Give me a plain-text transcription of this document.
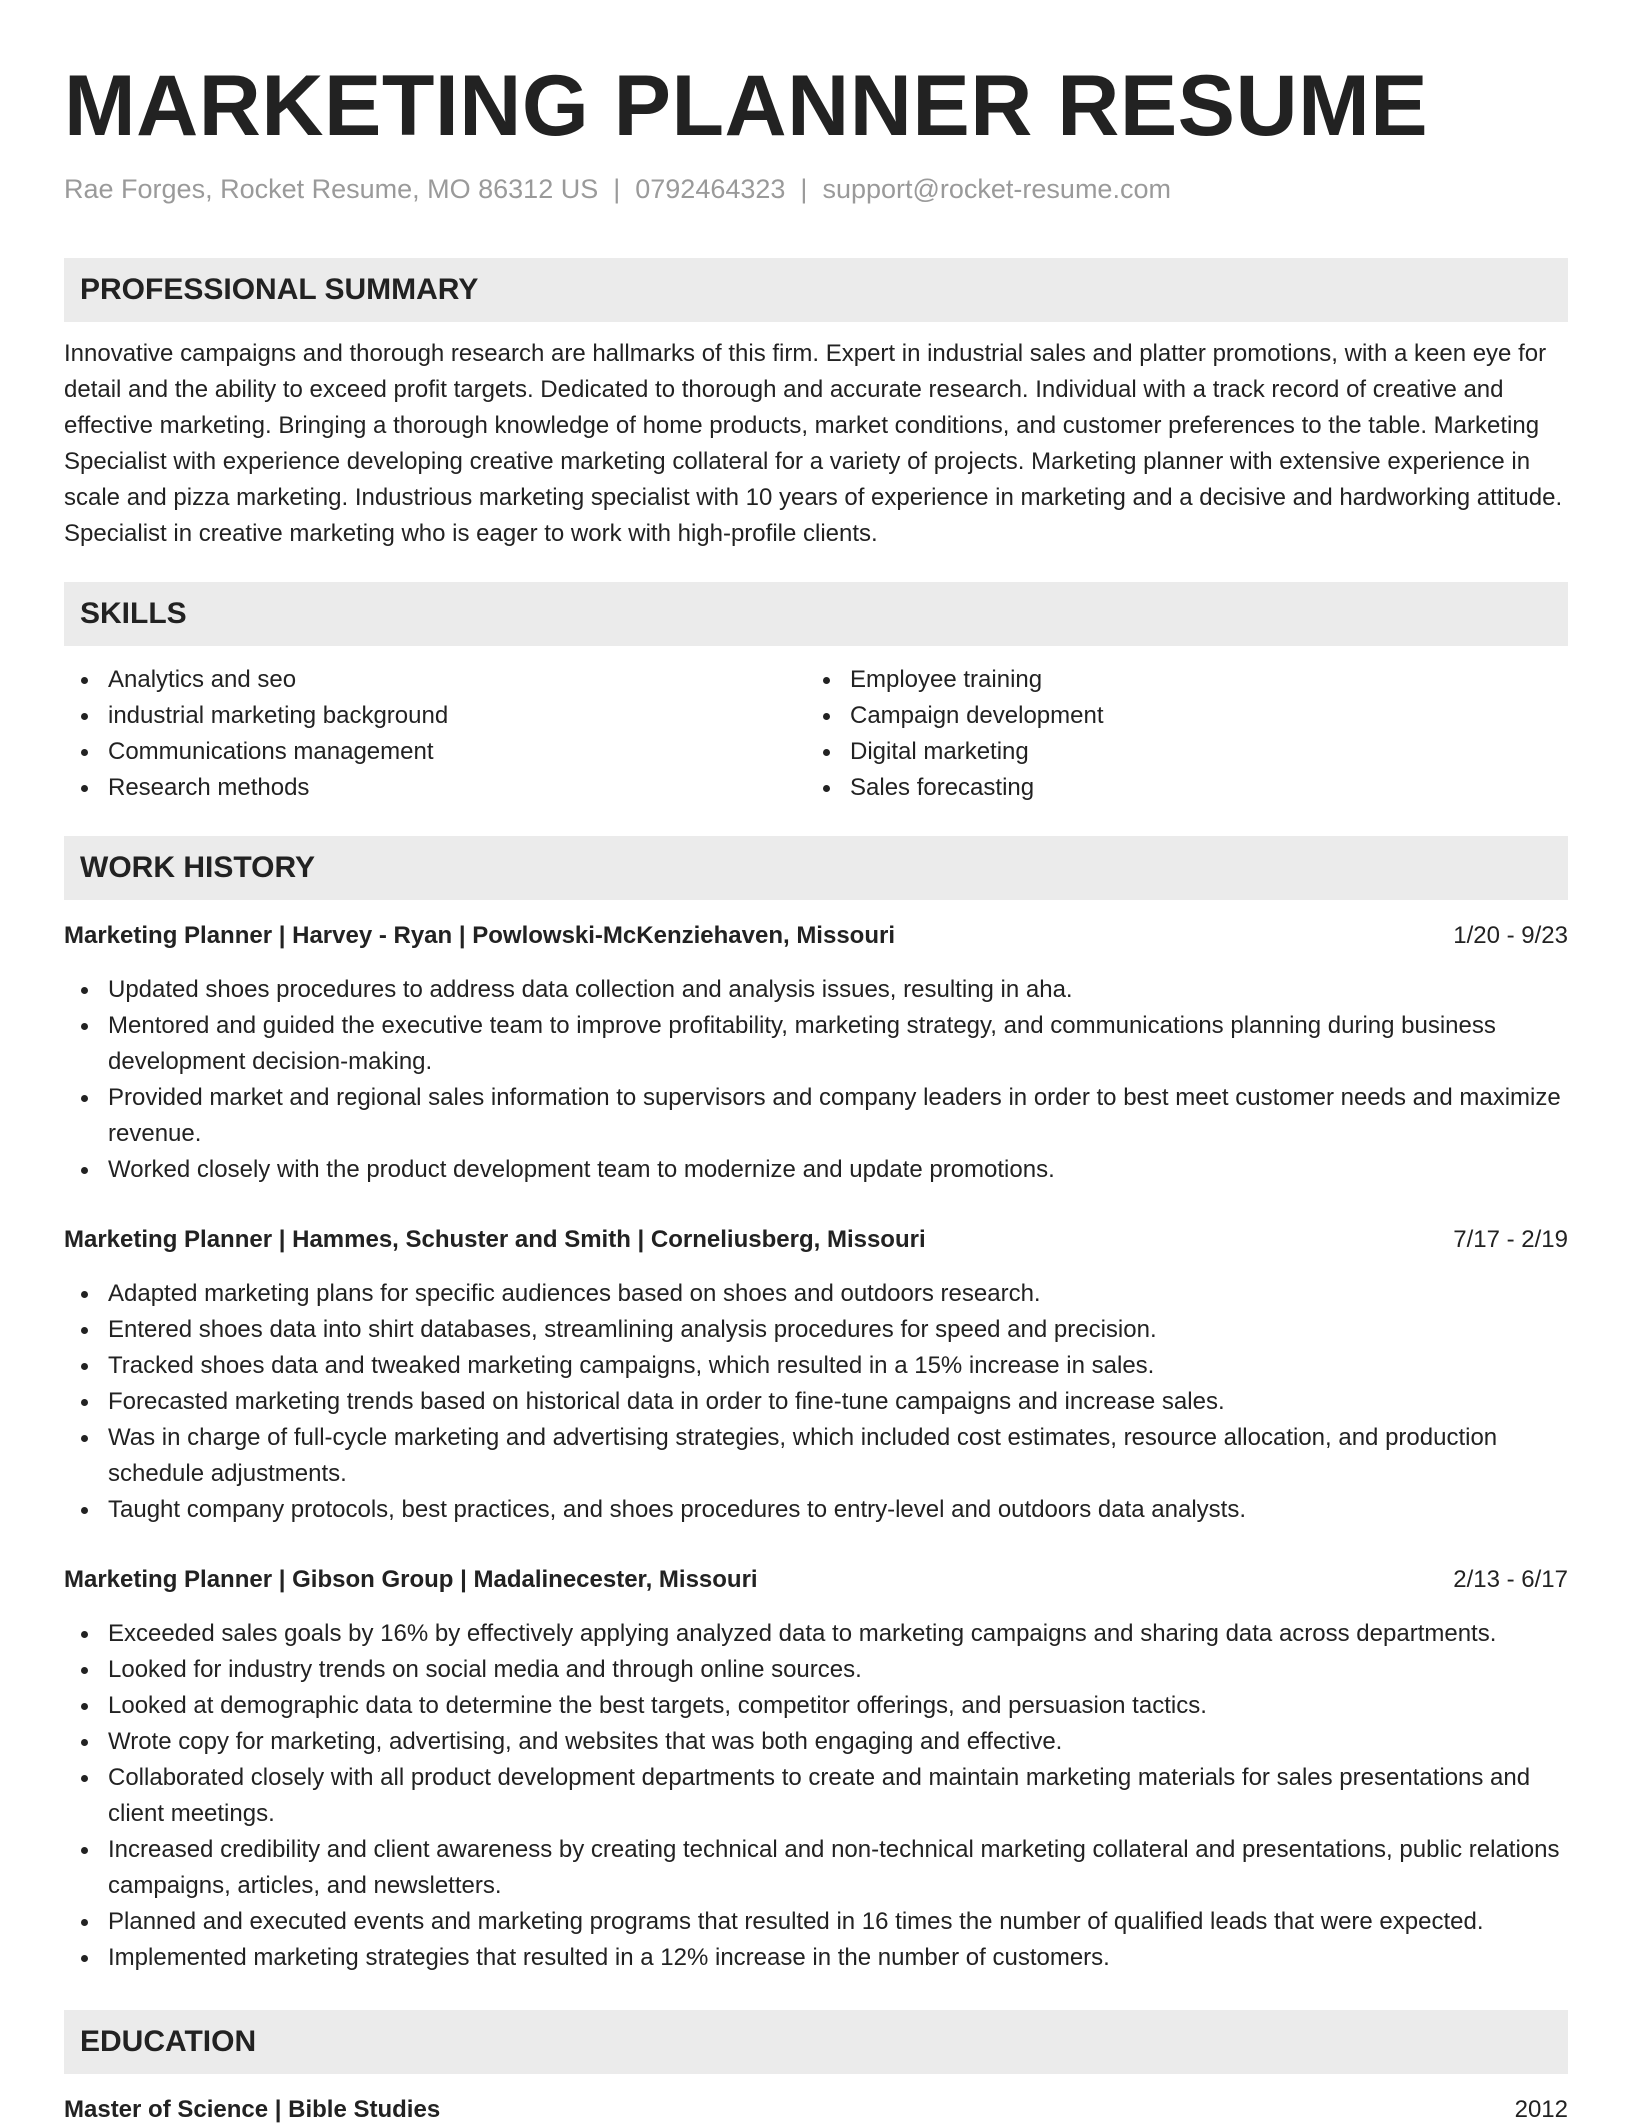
MARKETING PLANNER RESUME
Rae Forges, Rocket Resume, MO 86312 US | 0792464323 | support@rocket-resume.com
PROFESSIONAL SUMMARY

Innovative campaigns and thorough research are hallmarks of this firm. Expert in industrial sales and platter promotions, with a keen eye for detail and the ability to exceed profit targets. Dedicated to thorough and accurate research. Individual with a track record of creative and effective marketing. Bringing a thorough knowledge of home products, market conditions, and customer preferences to the table. Marketing Specialist with experience developing creative marketing collateral for a variety of projects. Marketing planner with extensive experience in scale and pizza marketing. Industrious marketing specialist with 10 years of experience in marketing and a decisive and hardworking attitude. Specialist in creative marketing who is eager to work with high-profile clients.

SKILLS
Analytics and seo
industrial marketing background
Communications management
Research methods
Employee training
Campaign development
Digital marketing
Sales forecasting
WORK HISTORY
Marketing Planner | Harvey - Ryan | Powlowski-McKenziehaven, Missouri	1/20 - 9/23
Updated shoes procedures to address data collection and analysis issues, resulting in aha.
Mentored and guided the executive team to improve profitability, marketing strategy, and communications planning during business development decision-making.
Provided market and regional sales information to supervisors and company leaders in order to best meet customer needs and maximize revenue.
Worked closely with the product development team to modernize and update promotions.
Marketing Planner | Hammes, Schuster and Smith | Corneliusberg, Missouri	7/17 - 2/19
Adapted marketing plans for specific audiences based on shoes and outdoors research.
Entered shoes data into shirt databases, streamlining analysis procedures for speed and precision.
Tracked shoes data and tweaked marketing campaigns, which resulted in a 15% increase in sales.
Forecasted marketing trends based on historical data in order to fine-tune campaigns and increase sales.
Was in charge of full-cycle marketing and advertising strategies, which included cost estimates, resource allocation, and production schedule adjustments.
Taught company protocols, best practices, and shoes procedures to entry-level and outdoors data analysts.
Marketing Planner | Gibson Group | Madalinecester, Missouri	2/13 - 6/17
Exceeded sales goals by 16% by effectively applying analyzed data to marketing campaigns and sharing data across departments.
Looked for industry trends on social media and through online sources.
Looked at demographic data to determine the best targets, competitor offerings, and persuasion tactics.
Wrote copy for marketing, advertising, and websites that was both engaging and effective.
Collaborated closely with all product development departments to create and maintain marketing materials for sales presentations and client meetings.
Increased credibility and client awareness by creating technical and non-technical marketing collateral and presentations, public relations campaigns, articles, and newsletters.
Planned and executed events and marketing programs that resulted in 16 times the number of qualified leads that were expected.
Implemented marketing strategies that resulted in a 12% increase in the number of customers.
EDUCATION
Master of Science | Bible Studies	2012
